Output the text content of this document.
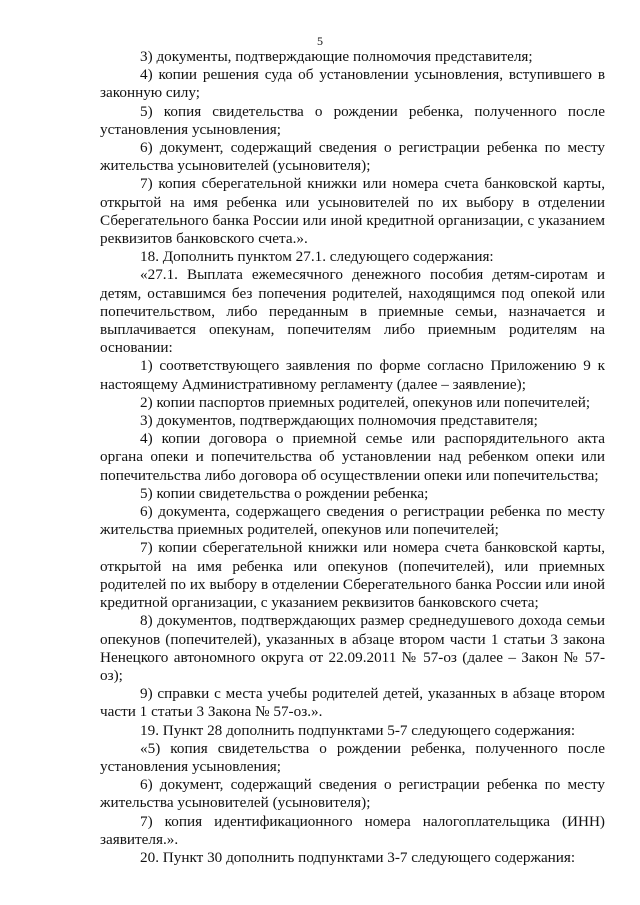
5

3) документы, подтверждающие полномочия представителя;

4) копии решения суда об установлении усыновления, вступившего в законную силу;

5) копия свидетельства о рождении ребенка, полученного после установления усыновления;

6) документ, содержащий сведения о регистрации ребенка по месту жительства усыновителей (усыновителя);

7) копия сберегательной книжки или номера счета банковской карты, открытой на имя ребенка или усыновителей по их выбору в отделении Сберегательного банка России или иной кредитной организации, с указанием реквизитов банковского счета.».

18. Дополнить пунктом 27.1. следующего содержания:

«27.1. Выплата ежемесячного денежного пособия детям-сиротам и детям, оставшимся без попечения родителей, находящимся под опекой или попечительством, либо переданным в приемные семьи, назначается и выплачивается опекунам, попечителям либо приемным родителям на основании:

1) соответствующего заявления по форме согласно Приложению 9 к настоящему Административному регламенту (далее – заявление);

2) копии паспортов приемных родителей, опекунов или попечителей;

3) документов, подтверждающих полномочия представителя;

4) копии договора о приемной семье или распорядительного акта органа опеки и попечительства об установлении над ребенком опеки или попечительства либо договора об осуществлении опеки или попечительства;

5) копии свидетельства о рождении ребенка;

6) документа, содержащего сведения о регистрации ребенка по месту жительства приемных родителей, опекунов или попечителей;

7) копии сберегательной книжки или номера счета банковской карты, открытой на имя ребенка или опекунов (попечителей), или приемных родителей по их выбору в отделении Сберегательного банка России или иной кредитной организации, с указанием реквизитов банковского счета;

8) документов, подтверждающих размер среднедушевого дохода семьи опекунов (попечителей), указанных в абзаце втором части 1 статьи 3 закона Ненецкого автономного округа от 22.09.2011 № 57-оз (далее – Закон № 57-оз);

9) справки с места учебы родителей детей, указанных в абзаце втором части 1 статьи 3 Закона № 57-оз.».

19. Пункт 28 дополнить подпунктами 5-7 следующего содержания:

«5) копия свидетельства о рождении ребенка, полученного после установления усыновления;

6) документ, содержащий сведения о регистрации ребенка по месту жительства усыновителей (усыновителя);

7) копия идентификационного номера налогоплательщика (ИНН) заявителя.».

20. Пункт 30 дополнить подпунктами 3-7 следующего содержания:
